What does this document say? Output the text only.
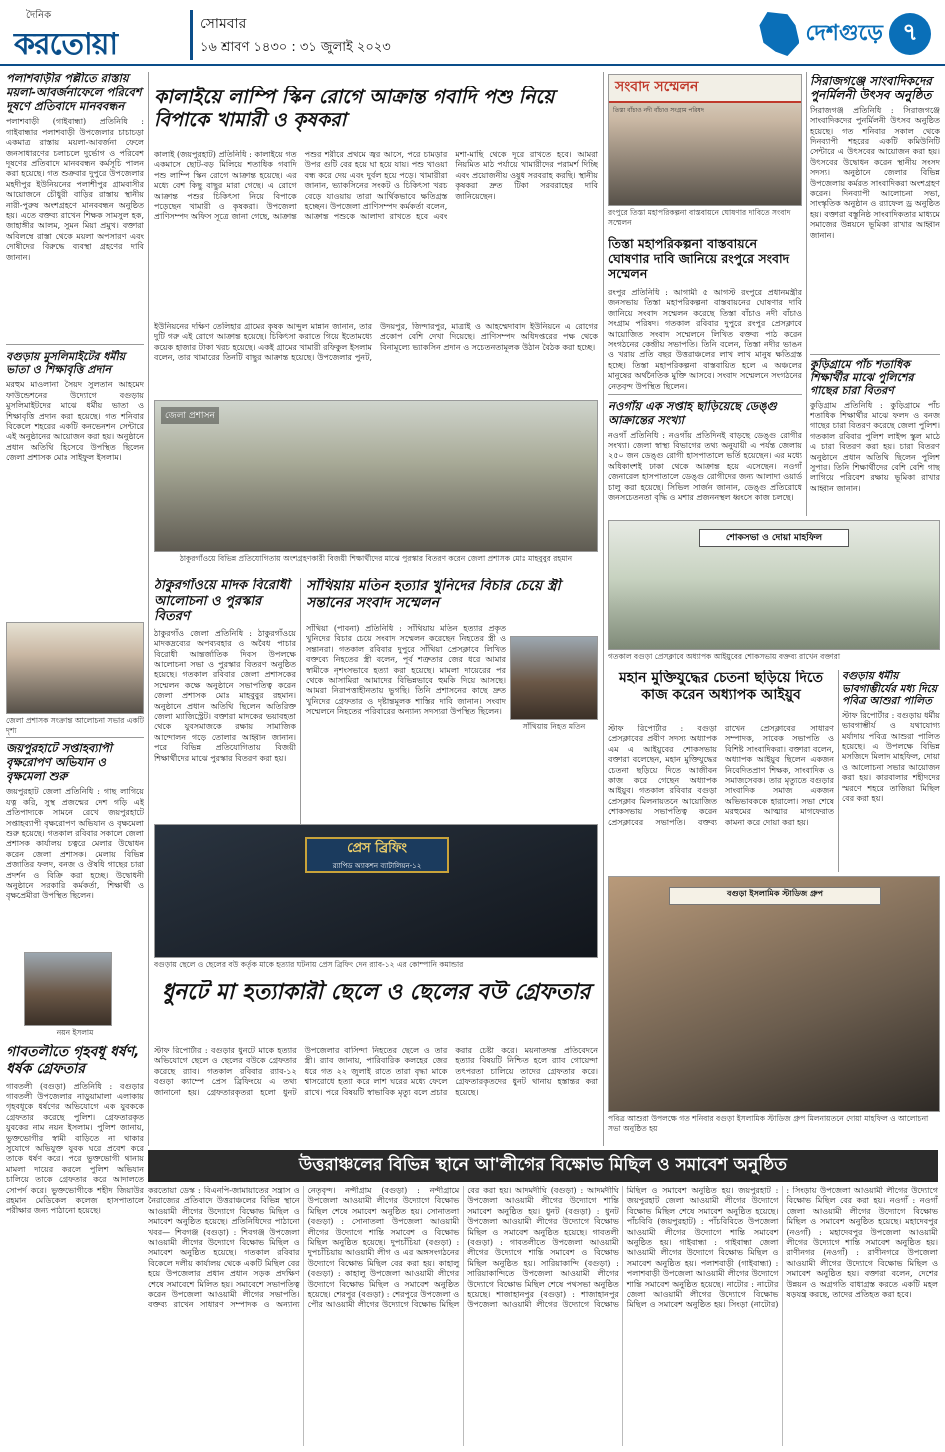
দৈনিক
করতোয়া
সোমবার
১৬ শ্রাবণ ১৪৩০ : ৩১ জুলাই ২০২৩
দেশগুড়ে ৭
পলাশবাড়ীর পল্লীতে রাস্তায় ময়লা-আবর্জনাফেলে পরিবেশ দূষণে প্রতিবাদে মানববন্ধন
পলাশবাড়ী (গাইবান্ধা) প্রতিনিধি : গাইবান্ধার পলাশবাড়ী উপজেলার চাচাচড়া একমাত্র রাস্তায় ময়লা-আবর্জনা ফেলে জনসাধারণের চলাচলে দুর্ভোগ ও পরিবেশ দূষণের প্রতিবাদে মানববন্ধন কর্মসূচি পালন করা হয়েছে। গত শুক্রবার দুপুরে উপজেলার মহদীপুর ইউনিয়নের পলাশীপুর গ্রামবাসীর আয়োজনে চৌধুরী বাড়ির রাস্তায় স্থানীয় নারী-পুরুষ অংশগ্রহণে মানববন্ধন অনুষ্ঠিত হয়। এতে বক্তব্য রাখেন শিক্ষক সামসুল হক, জাহাঙ্গীর আলম, সুমন মিয়া প্রমুখ। বক্তারা অবিলম্বে রাস্তা থেকে ময়লা অপসারণ এবং দোষীদের বিরুদ্ধে ব্যবস্থা গ্রহণের দাবি জানান।
বগুড়ায় মুসলিমাইটের ধর্মীয় ভাতা ও শিক্ষাবৃত্তি প্রদান
মরহুম মাওলানা সৈয়দ সুলতান আহমেদ ফাউন্ডেশনের উদ্যোগে বগুড়ায় মুসলিমাইটদের মাঝে ধর্মীয় ভাতা ও শিক্ষাবৃত্তি প্রদান করা হয়েছে। গত শনিবার বিকেলে শহরের একটি কনভেনশন সেন্টারে এই অনুষ্ঠানের আয়োজন করা হয়। অনুষ্ঠানে প্রধান অতিথি হিসেবে উপস্থিত ছিলেন জেলা প্রশাসক মোঃ সাইফুল ইসলাম।
জেলা প্রশাসক সংক্রান্ত আলোচনা সভার একটি দৃশ্য
জয়পুরহাটে সপ্তাহব্যাপী বৃক্ষরোপণ অভিযান ও বৃক্ষমেলা শুরু
জয়পুরহাট জেলা প্রতিনিধি : গাছ লাগিয়ে যত্ন করি, সুস্থ প্রজন্মের দেশ গড়ি এই প্রতিপাদ্যকে সামনে রেখে জয়পুরহাটে সপ্তাহব্যাপী বৃক্ষরোপণ অভিযান ও বৃক্ষমেলা শুরু হয়েছে। গতকাল রবিবার সকালে জেলা প্রশাসক কার্যালয় চত্বরে মেলার উদ্বোধন করেন জেলা প্রশাসক। মেলায় বিভিন্ন প্রজাতির ফলদ, বনজ ও ঔষধি গাছের চারা প্রদর্শন ও বিক্রি করা হচ্ছে। উদ্বোধনী অনুষ্ঠানে সরকারি কর্মকর্তা, শিক্ষার্থী ও বৃক্ষপ্রেমীরা উপস্থিত ছিলেন।
নয়ন ইসলাম
গাবতলীতে গৃহবধূ ধর্ষণ, ধর্ষক গ্রেফতার
গাবতলী (বগুড়া) প্রতিনিধি : বগুড়ার গাবতলী উপজেলার নাড়ুয়ামালা এলাকায় গৃহবধূকে ধর্ষণের অভিযোগে এক যুবককে গ্রেফতার করেছে পুলিশ। গ্রেফতারকৃত যুবকের নাম নয়ন ইসলাম। পুলিশ জানায়, ভুক্তভোগীর স্বামী বাড়িতে না থাকার সুযোগে অভিযুক্ত যুবক ঘরে প্রবেশ করে তাকে ধর্ষণ করে। পরে ভুক্তভোগী থানায় মামলা দায়ের করলে পুলিশ অভিযান চালিয়ে তাকে গ্রেফতার করে আদালতে সোপর্দ করে। ভুক্তভোগীকে শহীদ জিয়াউর রহমান মেডিকেল কলেজ হাসপাতালে পরীক্ষার জন্য পাঠানো হয়েছে।
কালাইয়ে লাম্পি স্কিন রোগে আক্রান্ত গবাদি পশু নিয়ে বিপাকে খামারী ও কৃষকরা
কালাই (জয়পুরহাট) প্রতিনিধি : কালাইয়ে গত একমাসে ছোট-বড় মিলিয়ে শতাধিক গবাদি পশু লাম্পি স্কিন রোগে আক্রান্ত হয়েছে। এর মধ্যে বেশ কিছু বাছুর মারা গেছে। এ রোগে আক্রান্ত পশুর চিকিৎসা নিয়ে বিপাকে পড়েছেন খামারী ও কৃষকরা। উপজেলা প্রাণিসম্পদ অফিস সূত্রে জানা গেছে, আক্রান্ত পশুর শরীরে প্রথমে জ্বর আসে, পরে চামড়ার উপর গুটি বের হয়ে ঘা হয়ে যায়। পশু খাওয়া বন্ধ করে দেয় এবং দুর্বল হয়ে পড়ে। খামারীরা জানান, ভ্যাকসিনের সংকট ও চিকিৎসা খরচ বেড়ে যাওয়ায় তারা আর্থিকভাবে ক্ষতিগ্রস্ত হচ্ছেন। উপজেলা প্রাণিসম্পদ কর্মকর্তা বলেন, আক্রান্ত পশুকে আলাদা রাখতে হবে এবং মশা-মাছি থেকে দূরে রাখতে হবে। আমরা নিয়মিত মাঠ পর্যায়ে খামারীদের পরামর্শ দিচ্ছি এবং প্রয়োজনীয় ওষুধ সরবরাহ করছি। স্থানীয় কৃষকরা দ্রুত টিকা সরবরাহের দাবি জানিয়েছেন।
ইউনিয়নের দক্ষিণ তেলিহার গ্রামের কৃষক আব্দুল মান্নান জানান, তার দুটি গরু এই রোগে আক্রান্ত হয়েছে। চিকিৎসা করাতে গিয়ে ইতোমধ্যে কয়েক হাজার টাকা খরচ হয়েছে। একই গ্রামের খামারী রফিকুল ইসলাম বলেন, তার খামারের তিনটি বাছুর আক্রান্ত হয়েছে। উপজেলার পুনট, উদয়পুর, জিন্দারপুর, মাত্রাই ও আহম্মেদাবাদ ইউনিয়নে এ রোগের প্রকোপ বেশি দেখা দিয়েছে। প্রাণিসম্পদ অধিদপ্তরের পক্ষ থেকে বিনামূল্যে ভ্যাকসিন প্রদান ও সচেতনতামূলক উঠান বৈঠক করা হচ্ছে।
জেলা প্রশাসন
ঠাকুরগাঁওয়ে বিভিন্ন প্রতিযোগিতায় অংশগ্রহণকারী বিজয়ী শিক্ষার্থীদের মাঝে পুরস্কার বিতরণ করেন জেলা প্রশাসক মোঃ মাহবুবুর রহমান
ঠাকুরগাঁওয়ে মাদক বিরোধী আলোচনা ও পুরস্কার বিতরণ
ঠাকুরগাঁও জেলা প্রতিনিধি : ঠাকুরগাঁওয়ে মাদকদ্রব্যের অপব্যবহার ও অবৈধ পাচার বিরোধী আন্তর্জাতিক দিবস উপলক্ষে আলোচনা সভা ও পুরস্কার বিতরণ অনুষ্ঠিত হয়েছে। গতকাল রবিবার জেলা প্রশাসকের সম্মেলন কক্ষে অনুষ্ঠানে সভাপতিত্ব করেন জেলা প্রশাসক মোঃ মাহবুবুর রহমান। অনুষ্ঠানে প্রধান অতিথি ছিলেন অতিরিক্ত জেলা ম্যাজিস্ট্রেট। বক্তারা মাদকের ভয়াবহতা থেকে যুবসমাজকে রক্ষায় সামাজিক আন্দোলন গড়ে তোলার আহ্বান জানান। পরে বিভিন্ন প্রতিযোগিতায় বিজয়ী শিক্ষার্থীদের মাঝে পুরস্কার বিতরণ করা হয়।
সাঁথিয়ায় মতিন হত্যার খুনিদের বিচার চেয়ে স্ত্রী সন্তানের সংবাদ সম্মেলন
সাঁথিয়া (পাবনা) প্রতিনিধি : সাঁথিয়ায় মতিন হত্যার প্রকৃত খুনিদের বিচার চেয়ে সংবাদ সম্মেলন করেছেন নিহতের স্ত্রী ও সন্তানরা। গতকাল রবিবার দুপুরে সাঁথিয়া প্রেসক্লাবে লিখিত বক্তব্যে নিহতের স্ত্রী বলেন, পূর্ব শত্রুতার জের ধরে আমার স্বামীকে নৃশংসভাবে হত্যা করা হয়েছে। মামলা দায়েরের পর থেকে আসামিরা আমাদের বিভিন্নভাবে হুমকি দিয়ে আসছে। আমরা নিরাপত্তাহীনতায় ভুগছি। তিনি প্রশাসনের কাছে দ্রুত খুনিদের গ্রেফতার ও দৃষ্টান্তমূলক শাস্তির দাবি জানান। সংবাদ সম্মেলনে নিহতের পরিবারের অন্যান্য সদস্যরা উপস্থিত ছিলেন।
সাঁথিয়ায় নিহত মতিন
প্রেস ব্রিফিং
র‍্যাপিড অ্যাকশন ব্যাটালিয়ন-১২
বগুড়ায় ছেলে ও ছেলের বউ কর্তৃক মাকে হত্যার ঘটনায় প্রেস ব্রিফিং দেন র‍্যাব-১২ এর কোম্পানি কমান্ডার
ধুনটে মা হত্যাকারী ছেলে ও ছেলের বউ গ্রেফতার
স্টাফ রিপোর্টার : বগুড়ার ধুনটে মাকে হত্যার অভিযোগে ছেলে ও ছেলের বউকে গ্রেফতার করেছে র‍্যাব। গতকাল রবিবার র‍্যাব-১২ বগুড়া ক্যাম্পে প্রেস ব্রিফিংয়ে এ তথ্য জানানো হয়। গ্রেফতারকৃতরা হলো ধুনট উপজেলার বাসিন্দা নিহতের ছেলে ও তার স্ত্রী। র‍্যাব জানায়, পারিবারিক কলহের জের ধরে গত ২২ জুলাই রাতে তারা বৃদ্ধা মাকে শ্বাসরোধে হত্যা করে লাশ ঘরের মধ্যে ফেলে রাখে। পরে বিষয়টি স্বাভাবিক মৃত্যু বলে প্রচার করার চেষ্টা করে। ময়নাতদন্ত প্রতিবেদনে হত্যার বিষয়টি নিশ্চিত হলে র‍্যাব গোয়েন্দা তৎপরতা চালিয়ে তাদের গ্রেফতার করে। গ্রেফতারকৃতদের ধুনট থানায় হস্তান্তর করা হয়েছে।
সংবাদ সম্মেলন
তিস্তা বাঁচাও নদী বাঁচাও সংগ্রাম পরিষদ
রংপুরে তিস্তা মহাপরিকল্পনা বাস্তবায়নে ঘোষণার দাবিতে সংবাদ সম্মেলন
তিস্তা মহাপরিকল্পনা বাস্তবায়নে ঘোষণার দাবি জানিয়ে রংপুরে সংবাদ সম্মেলন
রংপুর প্রতিনিধি : আগামী ৫ আগস্ট রংপুরে প্রধানমন্ত্রীর জনসভায় তিস্তা মহাপরিকল্পনা বাস্তবায়নের ঘোষণার দাবি জানিয়ে সংবাদ সম্মেলন করেছে তিস্তা বাঁচাও নদী বাঁচাও সংগ্রাম পরিষদ। গতকাল রবিবার দুপুরে রংপুর প্রেসক্লাবে আয়োজিত সংবাদ সম্মেলনে লিখিত বক্তব্য পাঠ করেন সংগঠনের কেন্দ্রীয় সভাপতি। তিনি বলেন, তিস্তা নদীর ভাঙন ও খরায় প্রতি বছর উত্তরাঞ্চলের লাখ লাখ মানুষ ক্ষতিগ্রস্ত হচ্ছে। তিস্তা মহাপরিকল্পনা বাস্তবায়িত হলে এ অঞ্চলের মানুষের অর্থনৈতিক মুক্তি আসবে। সংবাদ সম্মেলনে সংগঠনের নেতৃবৃন্দ উপস্থিত ছিলেন।
নওগাঁয় এক সপ্তাহ ছাড়িয়েছে ডেঙ্গু আক্রান্তের সংখ্যা
নওগাঁ প্রতিনিধি : নওগাঁয় প্রতিদিনই বাড়ছে ডেঙ্গু রোগীর সংখ্যা। জেলা স্বাস্থ্য বিভাগের তথ্য অনুযায়ী এ পর্যন্ত জেলায় ২৫০ জন ডেঙ্গু রোগী হাসপাতালে ভর্তি হয়েছেন। এর মধ্যে অধিকাংশই ঢাকা থেকে আক্রান্ত হয়ে এসেছেন। নওগাঁ জেনারেল হাসপাতালে ডেঙ্গু রোগীদের জন্য আলাদা ওয়ার্ড চালু করা হয়েছে। সিভিল সার্জন জানান, ডেঙ্গু প্রতিরোধে জনসচেতনতা বৃদ্ধি ও মশার প্রজননস্থল ধ্বংসে কাজ চলছে।
সিরাজগঞ্জে সাংবাদিকদের পুনর্মিলনী উৎসব অনুষ্ঠিত
সিরাজগঞ্জ প্রতিনিধি : সিরাজগঞ্জে সাংবাদিকদের পুনর্মিলনী উৎসব অনুষ্ঠিত হয়েছে। গত শনিবার সকাল থেকে দিনব্যাপী শহরের একটি কমিউনিটি সেন্টারে এ উৎসবের আয়োজন করা হয়। উৎসবের উদ্বোধন করেন স্থানীয় সংসদ সদস্য। অনুষ্ঠানে জেলার বিভিন্ন উপজেলায় কর্মরত সাংবাদিকরা অংশগ্রহণ করেন। দিনব্যাপী আলোচনা সভা, সাংস্কৃতিক অনুষ্ঠান ও র‍্যাফেল ড্র অনুষ্ঠিত হয়। বক্তারা বস্তুনিষ্ঠ সাংবাদিকতার মাধ্যমে সমাজের উন্নয়নে ভূমিকা রাখার আহ্বান জানান।
কুড়িগ্রামে পাঁচ শতাধিক শিক্ষার্থীর মাঝে পুলিশের গাছের চারা বিতরণ
কুড়িগ্রাম প্রতিনিধি : কুড়িগ্রামে পাঁচ শতাধিক শিক্ষার্থীর মাঝে ফলদ ও বনজ গাছের চারা বিতরণ করেছে জেলা পুলিশ। গতকাল রবিবার পুলিশ লাইন্স স্কুল মাঠে এ চারা বিতরণ করা হয়। চারা বিতরণ অনুষ্ঠানে প্রধান অতিথি ছিলেন পুলিশ সুপার। তিনি শিক্ষার্থীদের বেশি বেশি গাছ লাগিয়ে পরিবেশ রক্ষায় ভূমিকা রাখার আহ্বান জানান।
শোকসভা ও দোয়া মাহফিল
গতকাল বগুড়া প্রেসক্লাবে অধ্যাপক আইয়ুবের শোকসভায় বক্তব্য রাখেন বক্তারা
মহান মুক্তিযুদ্ধের চেতনা ছড়িয়ে দিতে কাজ করেন অধ্যাপক আইয়ুব
স্টাফ রিপোর্টার : বগুড়া প্রেসক্লাবের প্রবীণ সদস্য অধ্যাপক এম এ আইয়ুবের শোকসভায় বক্তারা বলেছেন, মহান মুক্তিযুদ্ধের চেতনা ছড়িয়ে দিতে আজীবন কাজ করে গেছেন অধ্যাপক আইয়ুব। গতকাল রবিবার বগুড়া প্রেসক্লাব মিলনায়তনে আয়োজিত শোকসভায় সভাপতিত্ব করেন প্রেসক্লাবের সভাপতি। বক্তব্য রাখেন প্রেসক্লাবের সাধারণ সম্পাদক, সাবেক সভাপতি ও বিশিষ্ট সাংবাদিকরা। বক্তারা বলেন, অধ্যাপক আইয়ুব ছিলেন একজন নিবেদিতপ্রাণ শিক্ষক, সাংবাদিক ও সমাজসেবক। তার মৃত্যুতে বগুড়ার সাংবাদিক সমাজ একজন অভিভাবককে হারালো। সভা শেষে মরহুমের আত্মার মাগফেরাত কামনা করে দোয়া করা হয়।
বগুড়ায় ধর্মীয় ভাবগাম্ভীর্যের মধ্য দিয়ে পবিত্র আশুরা পালিত
স্টাফ রিপোর্টার : বগুড়ায় ধর্মীয় ভাবগাম্ভীর্য ও যথাযোগ্য মর্যাদায় পবিত্র আশুরা পালিত হয়েছে। এ উপলক্ষে বিভিন্ন মসজিদে মিলাদ মাহফিল, দোয়া ও আলোচনা সভার আয়োজন করা হয়। কারবালার শহীদদের স্মরণে শহরে তাজিয়া মিছিল বের করা হয়।
বগুড়া ইসলামিক স্টাডিজ গ্রুপ
পবিত্র আশুরা উপলক্ষে গত শনিবার বগুড়া ইসলামিক স্টাডিজ গ্রুপ মিলনায়তনে দোয়া মাহফিল ও আলোচনা সভা অনুষ্ঠিত হয়
উত্তরাঞ্চলের বিভিন্ন স্থানে আ'লীগের বিক্ষোভ মিছিল ও সমাবেশ অনুষ্ঠিত
করতোয়া ডেস্ক : বিএনপি-জামায়াতের সন্ত্রাস ও নৈরাজ্যের প্রতিবাদে উত্তরাঞ্চলের বিভিন্ন স্থানে আওয়ামী লীগের উদ্যোগে বিক্ষোভ মিছিল ও সমাবেশ অনুষ্ঠিত হয়েছে। প্রতিনিধিদের পাঠানো খবর— শিবগঞ্জ (বগুড়া) : শিবগঞ্জ উপজেলা আওয়ামী লীগের উদ্যোগে বিক্ষোভ মিছিল ও সমাবেশ অনুষ্ঠিত হয়েছে। গতকাল রবিবার বিকেলে দলীয় কার্যালয় থেকে একটি মিছিল বের হয়ে উপজেলার প্রধান প্রধান সড়ক প্রদক্ষিণ শেষে সমাবেশে মিলিত হয়। সমাবেশে সভাপতিত্ব করেন উপজেলা আওয়ামী লীগের সভাপতি। বক্তব্য রাখেন সাধারণ সম্পাদক ও অন্যান্য নেতৃবৃন্দ। নন্দীগ্রাম (বগুড়া) : নন্দীগ্রামে উপজেলা আওয়ামী লীগের উদ্যোগে বিক্ষোভ মিছিল শেষে সমাবেশ অনুষ্ঠিত হয়। সোনাতলা (বগুড়া) : সোনাতলা উপজেলা আওয়ামী লীগের উদ্যোগে শান্তি সমাবেশ ও বিক্ষোভ মিছিল অনুষ্ঠিত হয়েছে। দুপচাঁচিয়া (বগুড়া) : দুপচাঁচিয়ায় আওয়ামী লীগ ও এর অঙ্গসংগঠনের উদ্যোগে বিক্ষোভ মিছিল বের করা হয়। কাহালু (বগুড়া) : কাহালু উপজেলা আওয়ামী লীগের উদ্যোগে বিক্ষোভ মিছিল ও সমাবেশ অনুষ্ঠিত হয়েছে। শেরপুর (বগুড়া) : শেরপুরে উপজেলা ও পৌর আওয়ামী লীগের উদ্যোগে বিক্ষোভ মিছিল বের করা হয়। আদমদীঘি (বগুড়া) : আদমদীঘি উপজেলা আওয়ামী লীগের উদ্যোগে শান্তি সমাবেশ অনুষ্ঠিত হয়। ধুনট (বগুড়া) : ধুনট উপজেলা আওয়ামী লীগের উদ্যোগে বিক্ষোভ মিছিল ও সমাবেশ অনুষ্ঠিত হয়েছে। গাবতলী (বগুড়া) : গাবতলীতে উপজেলা আওয়ামী লীগের উদ্যোগে শান্তি সমাবেশ ও বিক্ষোভ মিছিল অনুষ্ঠিত হয়। সারিয়াকান্দি (বগুড়া) : সারিয়াকান্দিতে উপজেলা আওয়ামী লীগের উদ্যোগে বিক্ষোভ মিছিল শেষে পথসভা অনুষ্ঠিত হয়েছে। শাজাহানপুর (বগুড়া) : শাজাহানপুর উপজেলা আওয়ামী লীগের উদ্যোগে বিক্ষোভ মিছিল ও সমাবেশ অনুষ্ঠিত হয়। জয়পুরহাট : জয়পুরহাট জেলা আওয়ামী লীগের উদ্যোগে বিক্ষোভ মিছিল শেষে সমাবেশ অনুষ্ঠিত হয়েছে। পাঁচবিবি (জয়পুরহাট) : পাঁচবিবিতে উপজেলা আওয়ামী লীগের উদ্যোগে শান্তি সমাবেশ অনুষ্ঠিত হয়। গাইবান্ধা : গাইবান্ধা জেলা আওয়ামী লীগের উদ্যোগে বিক্ষোভ মিছিল ও সমাবেশ অনুষ্ঠিত হয়। পলাশবাড়ী (গাইবান্ধা) : পলাশবাড়ী উপজেলা আওয়ামী লীগের উদ্যোগে শান্তি সমাবেশ অনুষ্ঠিত হয়েছে। নাটোর : নাটোর জেলা আওয়ামী লীগের উদ্যোগে বিক্ষোভ মিছিল ও সমাবেশ অনুষ্ঠিত হয়। সিংড়া (নাটোর) : সিংড়ায় উপজেলা আওয়ামী লীগের উদ্যোগে বিক্ষোভ মিছিল বের করা হয়। নওগাঁ : নওগাঁ জেলা আওয়ামী লীগের উদ্যোগে বিক্ষোভ মিছিল ও সমাবেশ অনুষ্ঠিত হয়েছে। মহাদেবপুর (নওগাঁ) : মহাদেবপুর উপজেলা আওয়ামী লীগের উদ্যোগে শান্তি সমাবেশ অনুষ্ঠিত হয়। রাণীনগর (নওগাঁ) : রাণীনগরে উপজেলা আওয়ামী লীগের উদ্যোগে বিক্ষোভ মিছিল ও সমাবেশ অনুষ্ঠিত হয়। বক্তারা বলেন, দেশের উন্নয়ন ও অগ্রগতি বাধাগ্রস্ত করতে একটি মহল ষড়যন্ত্র করছে, তাদের প্রতিহত করা হবে।
